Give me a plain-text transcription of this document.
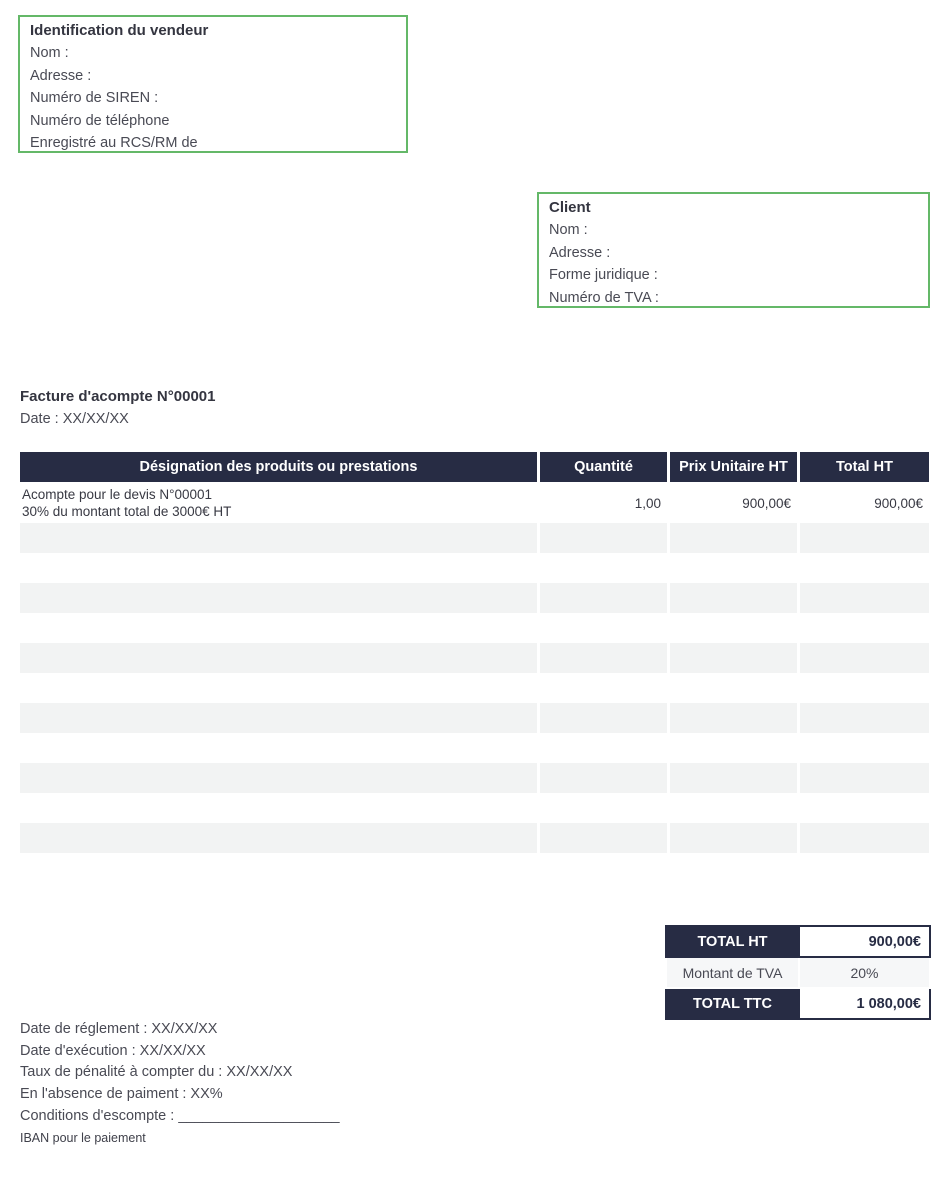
Identification du vendeur
Nom :
Adresse :
Numéro de SIREN :
Numéro de téléphone
Enregistré au RCS/RM de
Client
Nom :
Adresse :
Forme juridique :
Numéro de TVA :
Facture d'acompte N°00001
Date : XX/XX/XX
Désignation des produits ou prestations	Quantité	Prix Unitaire HT	Total HT
Acompte pour le devis N°00001
30% du montant total de 3000€ HT
1,00	900,00€	900,00€
TOTAL HT	900,00€
Montant de TVA	20%
TOTAL TTC	1 080,00€
Date de réglement : XX/XX/XX
Date d'exécution : XX/XX/XX
Taux de pénalité à compter du : XX/XX/XX
En l'absence de paiment : XX%
Conditions d'escompte : ____________________
IBAN pour le paiement
